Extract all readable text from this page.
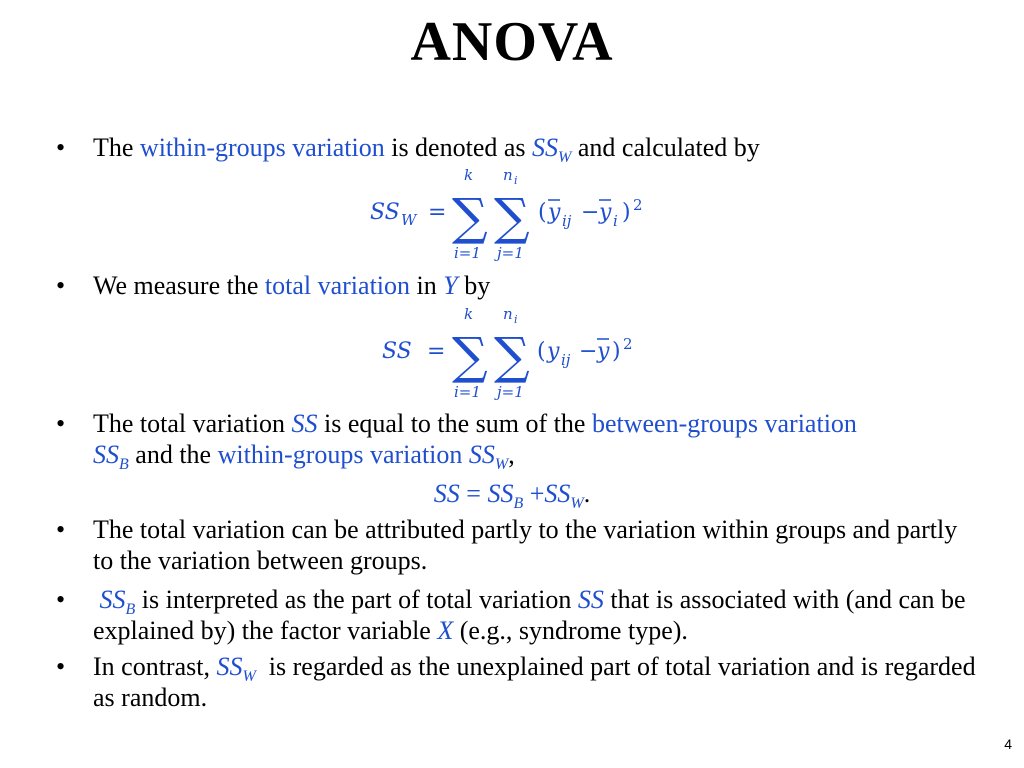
ANOVA
• The within-groups variation is denoted as $SS_W$ and calculated by
SS W =
k
∑
i=1
n i
∑
j=1
( y ij − y i ) 2
• We measure the total variation in Y by
SS =
k
∑
i=1
n i
∑
j=1
( y ij − y ) 2
• The total variation SS is equal to the sum of the between-groups variation
$SS_B$ and the within-groups variation $SS_W$,
SS = $SS_B +SS_W$.
• The total variation can be attributed partly to the variation within groups and partly to the variation between groups.
• $SS_B$ is interpreted as the part of total variation SS that is associated with (and can be explained by) the factor variable X (e.g., syndrome type).
• In contrast, $SS_W$  is regarded as the unexplained part of total variation and is regarded as random.
4
